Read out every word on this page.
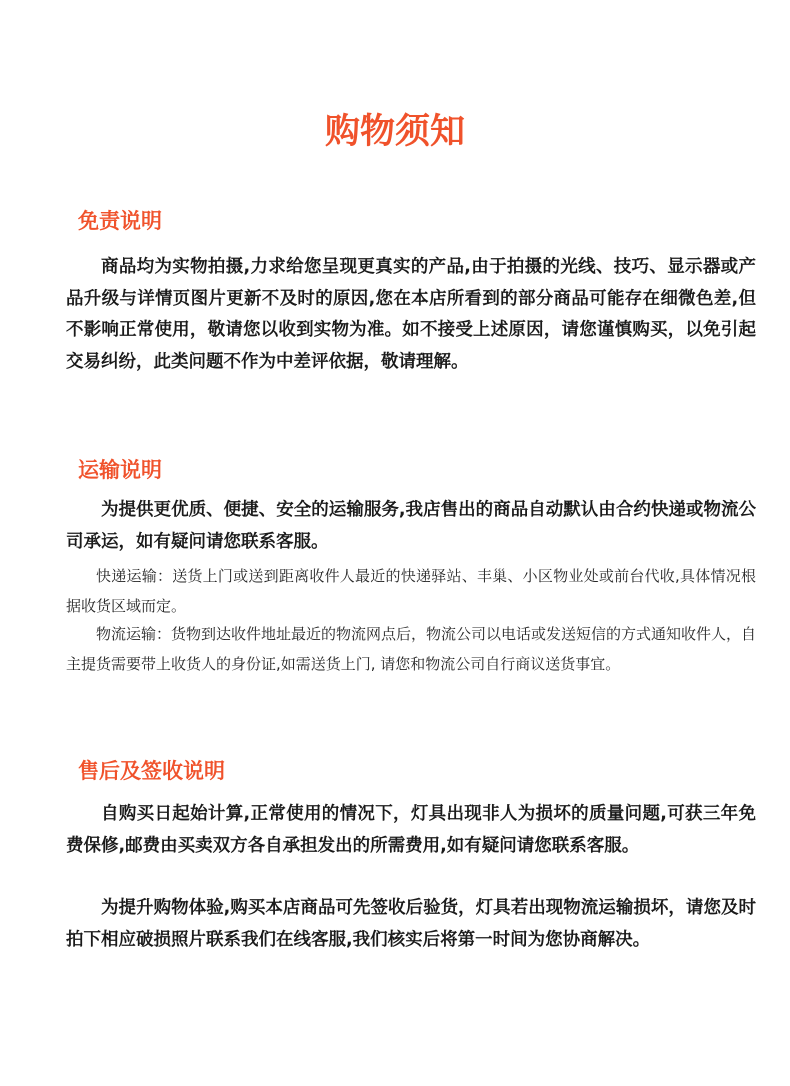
购物须知
免责说明

商品均为实物拍摄,力求给您呈现更真实的产品,由于拍摄的光线、技巧、显示器或产品升级与详情页图片更新不及时的原因,您在本店所看到的部分商品可能存在细微色差,但不影响正常使用，敬请您以收到实物为准。如不接受上述原因，请您谨慎购买，以免引起交易纠纷，此类问题不作为中差评依据，敬请理解。

运输说明

为提供更优质、便捷、安全的运输服务,我店售出的商品自动默认由合约快递或物流公司承运，如有疑问请您联系客服。

快递运输：送货上门或送到距离收件人最近的快递驿站、丰巢、小区物业处或前台代收,具体情况根据收货区域而定。

物流运输：货物到达收件地址最近的物流网点后，物流公司以电话或发送短信的方式通知收件人，自主提货需要带上收货人的身份证,如需送货上门, 请您和物流公司自行商议送货事宜。

售后及签收说明

自购买日起始计算,正常使用的情况下，灯具出现非人为损坏的质量问题,可获三年免费保修,邮费由买卖双方各自承担发出的所需费用,如有疑问请您联系客服。

为提升购物体验,购买本店商品可先签收后验货，灯具若出现物流运输损坏，请您及时拍下相应破损照片联系我们在线客服,我们核实后将第一时间为您协商解决。
